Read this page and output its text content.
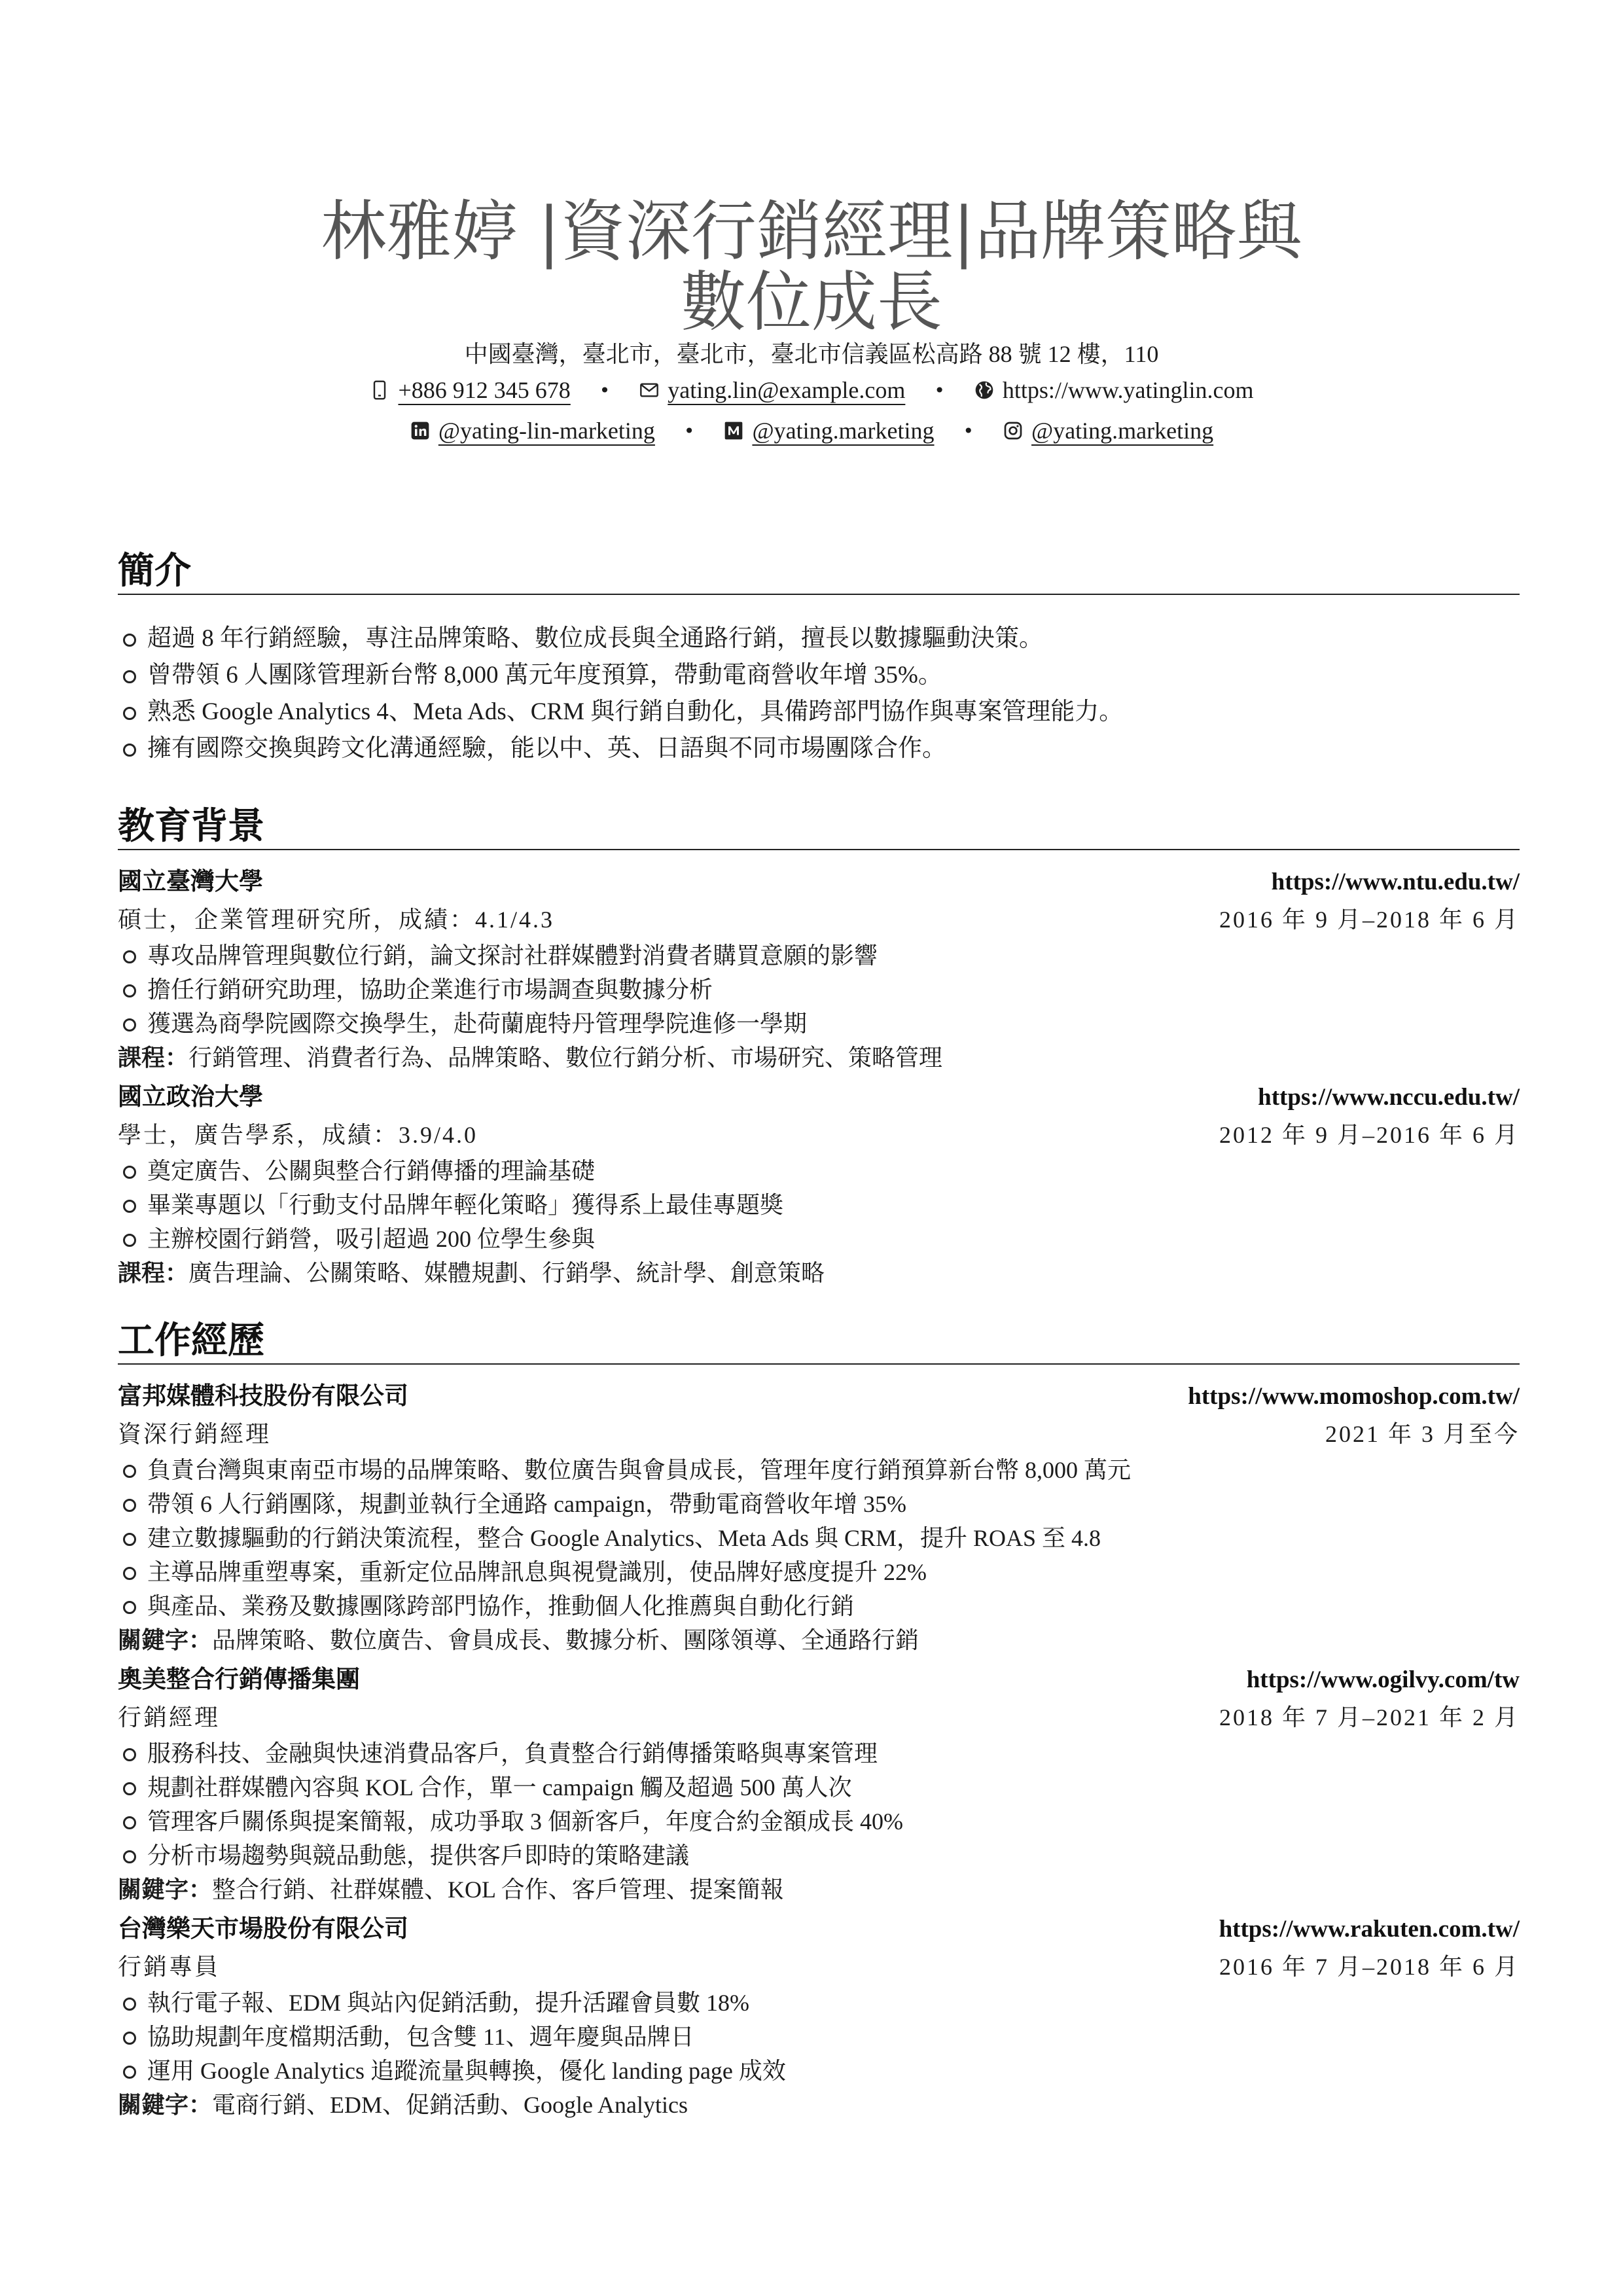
林雅婷 |資深行銷經理|品牌策略與
數位成長
中國臺灣，臺北市，臺北市，臺北市信義區松高路 88 號 12 樓，110
+886 912 345 678 • yating.lin@example.com • https://www.yatinglin.com
@yating-lin-marketing • @yating.marketing • @yating.marketing
簡介
超過 8 年行銷經驗，專注品牌策略、數位成長與全通路行銷，擅長以數據驅動決策。
曾帶領 6 人團隊管理新台幣 8,000 萬元年度預算，帶動電商營收年增 35%。
熟悉 Google Analytics 4、Meta Ads、CRM 與行銷自動化，具備跨部門協作與專案管理能力。
擁有國際交換與跨文化溝通經驗，能以中、英、日語與不同市場團隊合作。
教育背景
國立臺灣大學	https://www.ntu.edu.tw/
碩士，企業管理研究所，成績：4.1/4.3	2016 年 9 月–2018 年 6 月
專攻品牌管理與數位行銷，論文探討社群媒體對消費者購買意願的影響
擔任行銷研究助理，協助企業進行市場調查與數據分析
獲選為商學院國際交換學生，赴荷蘭鹿特丹管理學院進修一學期
課程：行銷管理、消費者行為、品牌策略、數位行銷分析、市場研究、策略管理
國立政治大學	https://www.nccu.edu.tw/
學士，廣告學系，成績：3.9/4.0	2012 年 9 月–2016 年 6 月
奠定廣告、公關與整合行銷傳播的理論基礎
畢業專題以「行動支付品牌年輕化策略」獲得系上最佳專題獎
主辦校園行銷營，吸引超過 200 位學生參與
課程：廣告理論、公關策略、媒體規劃、行銷學、統計學、創意策略
工作經歷
富邦媒體科技股份有限公司	https://www.momoshop.com.tw/
資深行銷經理	2021 年 3 月至今
負責台灣與東南亞市場的品牌策略、數位廣告與會員成長，管理年度行銷預算新台幣 8,000 萬元
帶領 6 人行銷團隊，規劃並執行全通路 campaign，帶動電商營收年增 35%
建立數據驅動的行銷決策流程，整合 Google Analytics、Meta Ads 與 CRM，提升 ROAS 至 4.8
主導品牌重塑專案，重新定位品牌訊息與視覺識別，使品牌好感度提升 22%
與產品、業務及數據團隊跨部門協作，推動個人化推薦與自動化行銷
關鍵字：品牌策略、數位廣告、會員成長、數據分析、團隊領導、全通路行銷
奧美整合行銷傳播集團	https://www.ogilvy.com/tw
行銷經理	2018 年 7 月–2021 年 2 月
服務科技、金融與快速消費品客戶，負責整合行銷傳播策略與專案管理
規劃社群媒體內容與 KOL 合作，單一 campaign 觸及超過 500 萬人次
管理客戶關係與提案簡報，成功爭取 3 個新客戶，年度合約金額成長 40%
分析市場趨勢與競品動態，提供客戶即時的策略建議
關鍵字：整合行銷、社群媒體、KOL 合作、客戶管理、提案簡報
台灣樂天市場股份有限公司	https://www.rakuten.com.tw/
行銷專員	2016 年 7 月–2018 年 6 月
執行電子報、EDM 與站內促銷活動，提升活躍會員數 18%
協助規劃年度檔期活動，包含雙 11、週年慶與品牌日
運用 Google Analytics 追蹤流量與轉換，優化 landing page 成效
關鍵字：電商行銷、EDM、促銷活動、Google Analytics
